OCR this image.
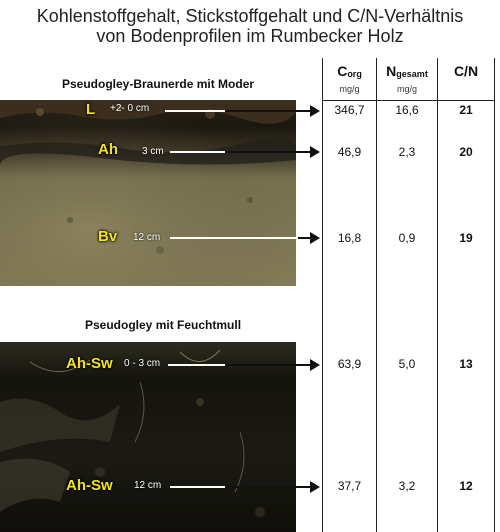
Kohlenstoffgehalt, Stickstoffgehalt und C/N-Verhältnis
von Bodenprofilen im Rumbecker Holz
Pseudogley-Braunerde mit Moder
L +2- 0 cm
Ah 3 cm
Bv 12 cm
Pseudogley mit Feuchtmull
Ah-Sw 0 - 3 cm
Ah-Sw 12 cm
$C_{org}$
mg/g
$N_{gesamt}$
mg/g
C/N
346,7	16,6	21
46,9	2,3	20
16,8	0,9	19
63,9	5,0	13
37,7	3,2	12
